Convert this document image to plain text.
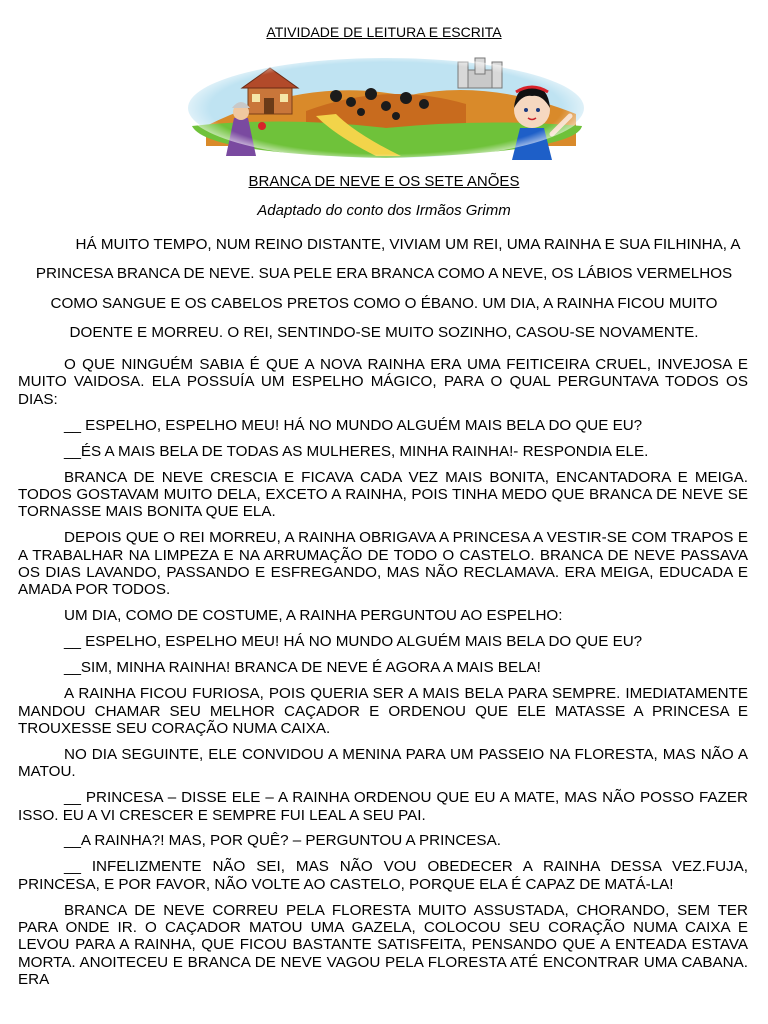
ATIVIDADE DE LEITURA E ESCRITA
BRANCA DE NEVE E OS SETE ANÕES
Adaptado do conto dos Irmãos Grimm

HÁ MUITO TEMPO, NUM REINO DISTANTE, VIVIAM UM REI, UMA RAINHA E SUA FILHINHA, A PRINCESA BRANCA DE NEVE. SUA PELE ERA BRANCA COMO A NEVE, OS LÁBIOS VERMELHOS COMO SANGUE E OS CABELOS PRETOS COMO O ÉBANO. UM DIA, A RAINHA FICOU MUITO DOENTE E MORREU. O REI, SENTINDO-SE MUITO SOZINHO, CASOU-SE NOVAMENTE.

O QUE NINGUÉM SABIA É QUE A NOVA RAINHA ERA UMA FEITICEIRA CRUEL, INVEJOSA E MUITO VAIDOSA. ELA POSSUÍA UM ESPELHO MÁGICO, PARA O QUAL PERGUNTAVA TODOS OS DIAS:

__ ESPELHO, ESPELHO MEU! HÁ NO MUNDO ALGUÉM MAIS BELA DO QUE EU?

__ÉS A MAIS BELA DE TODAS AS MULHERES, MINHA RAINHA!- RESPONDIA ELE.

BRANCA DE NEVE CRESCIA E FICAVA CADA VEZ MAIS BONITA, ENCANTADORA E MEIGA. TODOS GOSTAVAM MUITO DELA, EXCETO A RAINHA, POIS TINHA MEDO QUE BRANCA DE NEVE SE TORNASSE MAIS BONITA QUE ELA.

DEPOIS QUE O REI MORREU, A RAINHA OBRIGAVA A PRINCESA A VESTIR-SE COM TRAPOS E A TRABALHAR NA LIMPEZA E NA ARRUMAÇÃO DE TODO O CASTELO. BRANCA DE NEVE PASSAVA OS DIAS LAVANDO, PASSANDO E ESFREGANDO, MAS NÃO RECLAMAVA. ERA MEIGA, EDUCADA E AMADA POR TODOS.

UM DIA, COMO DE COSTUME, A RAINHA PERGUNTOU AO ESPELHO:

__ ESPELHO, ESPELHO MEU! HÁ NO MUNDO ALGUÉM MAIS BELA DO QUE EU?

__SIM, MINHA RAINHA! BRANCA DE NEVE É AGORA A MAIS BELA!

A RAINHA FICOU FURIOSA, POIS QUERIA SER A MAIS BELA PARA SEMPRE. IMEDIATAMENTE MANDOU CHAMAR SEU MELHOR CAÇADOR E ORDENOU QUE ELE MATASSE A PRINCESA E TROUXESSE SEU CORAÇÃO NUMA CAIXA.

NO DIA SEGUINTE, ELE CONVIDOU A MENINA PARA UM PASSEIO NA FLORESTA, MAS NÃO A MATOU.

__ PRINCESA – DISSE ELE – A RAINHA ORDENOU QUE EU A MATE, MAS NÃO POSSO FAZER ISSO. EU A VI CRESCER E SEMPRE FUI LEAL A SEU PAI.

__A RAINHA?! MAS, POR QUÊ? – PERGUNTOU A PRINCESA.

__ INFELIZMENTE NÃO SEI, MAS NÃO VOU OBEDECER A RAINHA DESSA VEZ.FUJA, PRINCESA, E POR FAVOR, NÃO VOLTE AO CASTELO, PORQUE ELA É CAPAZ DE MATÁ-LA!

BRANCA DE NEVE CORREU PELA FLORESTA MUITO ASSUSTADA, CHORANDO, SEM TER PARA ONDE IR. O CAÇADOR MATOU UMA GAZELA, COLOCOU SEU CORAÇÃO NUMA CAIXA E LEVOU PARA A RAINHA, QUE FICOU BASTANTE SATISFEITA, PENSANDO QUE A ENTEADA ESTAVA MORTA. ANOITECEU E BRANCA DE NEVE VAGOU PELA FLORESTA ATÉ ENCONTRAR UMA CABANA. ERA
